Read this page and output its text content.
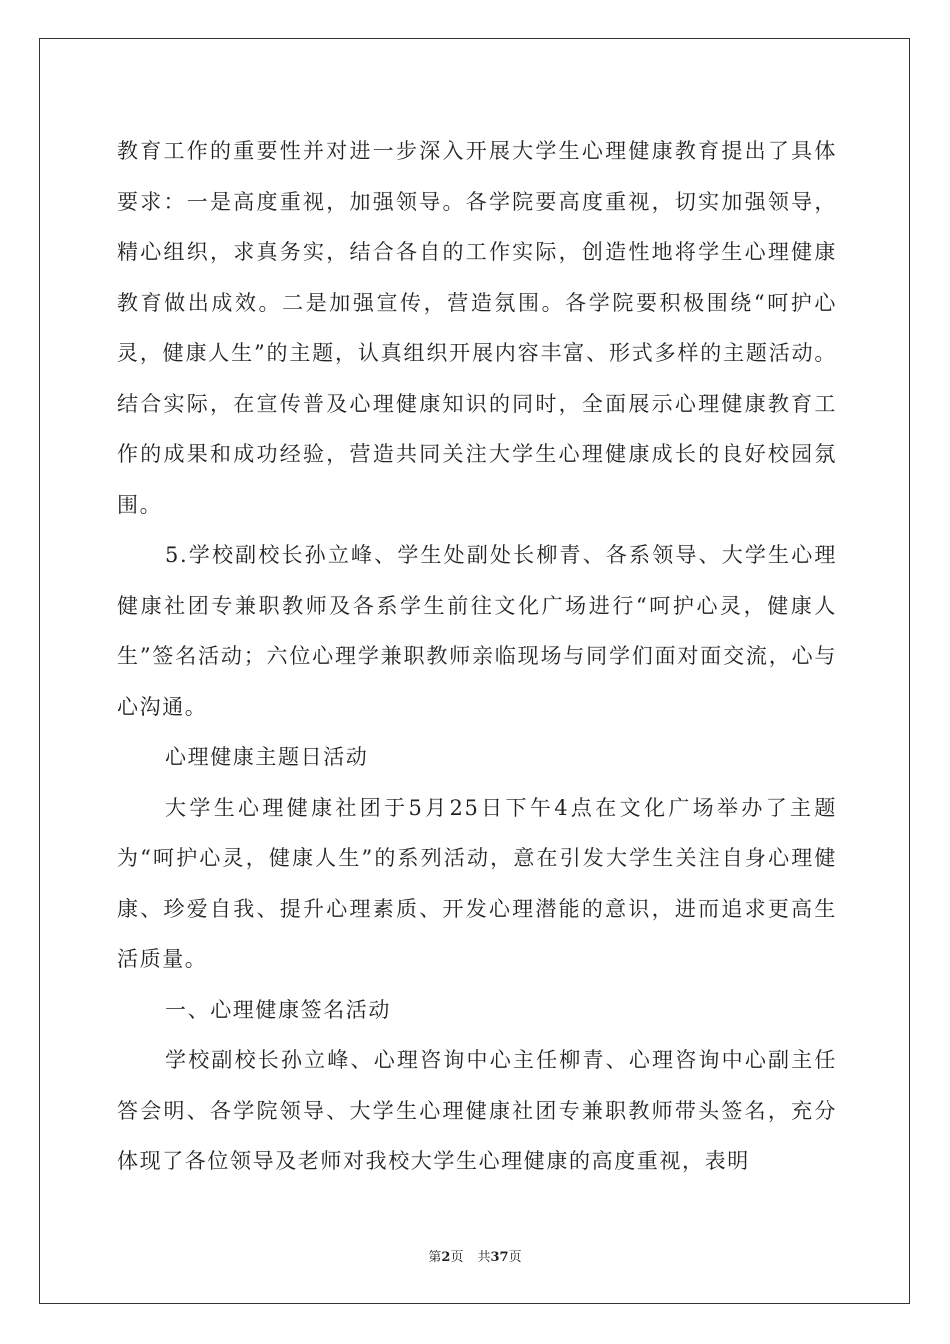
教育工作的重要性并对进一步深入开展大学生心理健康教育提出了具体要求：一是高度重视，加强领导。各学院要高度重视，切实加强领导，精心组织，求真务实，结合各自的工作实际，创造性地将学生心理健康教育做出成效。二是加强宣传，营造氛围。各学院要积极围绕“呵护心灵，健康人生”的主题，认真组织开展内容丰富、形式多样的主题活动。结合实际，在宣传普及心理健康知识的同时，全面展示心理健康教育工作的成果和成功经验，营造共同关注大学生心理健康成长的良好校园氛围。

5.学校副校长孙立峰、学生处副处长柳青、各系领导、大学生心理健康社团专兼职教师及各系学生前往文化广场进行“呵护心灵，健康人生”签名活动；六位心理学兼职教师亲临现场与同学们面对面交流，心与心沟通。

心理健康主题日活动

大学生心理健康社团于5月25日下午4点在文化广场举办了主题为“呵护心灵，健康人生”的系列活动，意在引发大学生关注自身心理健康、珍爱自我、提升心理素质、开发心理潜能的意识，进而追求更高生活质量。

一、心理健康签名活动

学校副校长孙立峰、心理咨询中心主任柳青、心理咨询中心副主任答会明、各学院领导、大学生心理健康社团专兼职教师带头签名，充分体现了各位领导及老师对我校大学生心理健康的高度重视，表明

第2页 共37页
